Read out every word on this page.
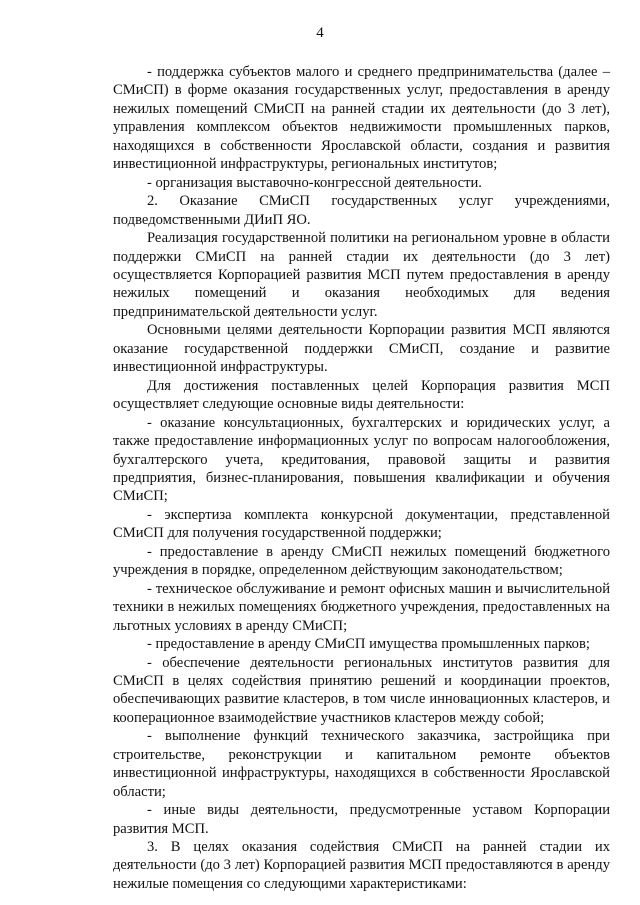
4

- поддержка субъектов малого и среднего предпринимательства (далее – СМиСП) в форме оказания государственных услуг, предоставления в аренду нежилых помещений СМиСП на ранней стадии их деятельности (до 3 лет), управления комплексом объектов недвижимости промышленных парков, находящихся в собственности Ярославской области, создания и развития инвестиционной инфраструктуры, региональных институтов;

- организация выставочно-конгрессной деятельности.

2. Оказание СМиСП государственных услуг учреждениями, подведомственными ДИиП ЯО.

Реализация государственной политики на региональном уровне в области поддержки СМиСП на ранней стадии их деятельности (до 3 лет) осуществляется Корпорацией развития МСП путем предоставления в аренду нежилых помещений и оказания необходимых для ведения предпринимательской деятельности услуг.

Основными целями деятельности Корпорации развития МСП являются оказание государственной поддержки СМиСП, создание и развитие инвестиционной инфраструктуры.

Для достижения поставленных целей Корпорация развития МСП осуществляет следующие основные виды деятельности:

- оказание консультационных, бухгалтерских и юридических услуг, а также предоставление информационных услуг по вопросам налогообложения, бухгалтерского учета, кредитования, правовой защиты и развития предприятия, бизнес-планирования, повышения квалификации и обучения СМиСП;

- экспертиза комплекта конкурсной документации, представленной СМиСП для получения государственной поддержки;

- предоставление в аренду СМиСП нежилых помещений бюджетного учреждения в порядке, определенном действующим законодательством;

- техническое обслуживание и ремонт офисных машин и вычислительной техники в нежилых помещениях бюджетного учреждения, предоставленных на льготных условиях в аренду СМиСП;

- предоставление в аренду СМиСП имущества промышленных парков;

- обеспечение деятельности региональных институтов развития для СМиСП в целях содействия принятию решений и координации проектов, обеспечивающих развитие кластеров, в том числе инновационных кластеров, и кооперационное взаимодействие участников кластеров между собой;

- выполнение функций технического заказчика, застройщика при строительстве, реконструкции и капитальном ремонте объектов инвестиционной инфраструктуры, находящихся в собственности Ярославской области;

- иные виды деятельности, предусмотренные уставом Корпорации развития МСП.

3. В целях оказания содействия СМиСП на ранней стадии их деятельности (до 3 лет) Корпорацией развития МСП предоставляются в аренду нежилые помещения со следующими характеристиками:
